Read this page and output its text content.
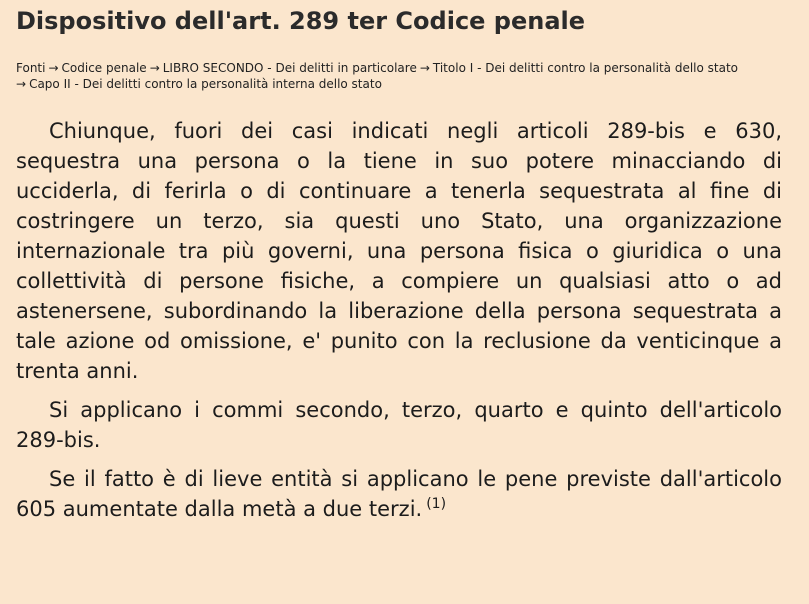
Dispositivo dell'art. 289 ter Codice penale
Fonti → Codice penale → LIBRO SECONDO - Dei delitti in particolare → Titolo I - Dei delitti contro la personalità dello stato
→ Capo II - Dei delitti contro la personalità interna dello stato

Chiunque, fuori dei casi indicati negli articoli 289-bis e 630, sequestra una persona o la tiene in suo potere minacciando di ucciderla, di ferirla o di continuare a tenerla sequestrata al fine di costringere un terzo, sia questi uno Stato, una organizzazione internazionale tra più governi, una persona fisica o giuridica o una collettività di persone fisiche, a compiere un qualsiasi atto o ad astenersene, subordinando la liberazione della persona sequestrata a tale azione od omissione, e' punito con la reclusione da venticinque a trenta anni.

Si applicano i commi secondo, terzo, quarto e quinto dell'articolo 289-bis.

Se il fatto è di lieve entità si applicano le pene previste dall'articolo 605 aumentate dalla metà a due terzi. $^{(1)}$
